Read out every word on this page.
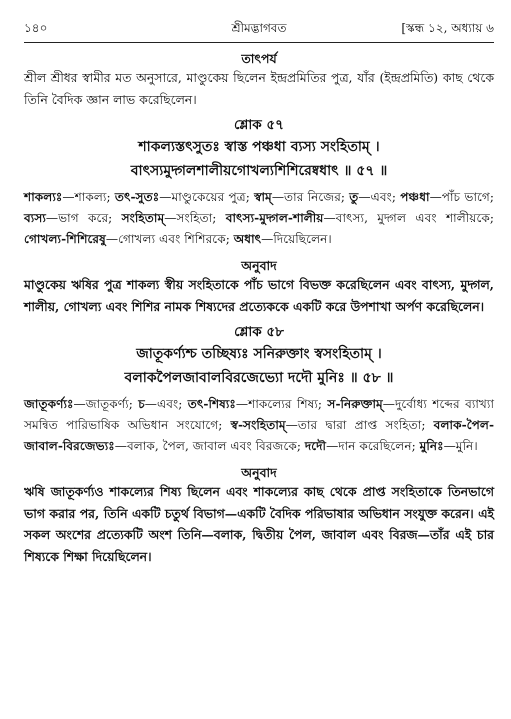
১৪০	শ্রীমদ্ভাগবত	[স্কন্ধ ১২, অধ্যায় ৬
তাৎপর্য
শ্রীল শ্রীধর স্বামীর মত অনুসারে, মাণ্ডুকেয় ছিলেন ইন্দ্রপ্রমিতির পুত্র, যাঁর (ইন্দ্রপ্রমিতি) কাছ থেকে তিনি বৈদিক জ্ঞান লাভ করেছিলেন।
শ্লোক ৫৭
শাকল্যস্তৎসুতঃ স্বাস্ত পঞ্চধা ব্যস্য সংহিতাম্ ।
বাৎস্যমুদ্গলশালীয়গোখল্যশিশিরেষ্বধাৎ ॥ ৫৭ ॥
শাকল্যঃ—শাকল্য; তৎ-সুতঃ—মাণ্ডুকেয়ের পুত্র; স্বাম্—তার নিজের; তু—এবং; পঞ্চধা—পাঁচ ভাগে; ব্যস্য—ভাগ করে; সংহিতাম্—সংহিতা; বাৎস্য-মুদ্গল-শালীয়—বাৎস্য, মুদ্গল এবং শালীয়কে; গোখল্য-শিশিরেষু—গোখল্য এবং শিশিরকে; অধাৎ—দিয়েছিলেন।
অনুবাদ
মাণ্ডুকেয় ঋষির পুত্র শাকল্য স্বীয় সংহিতাকে পাঁচ ভাগে বিভক্ত করেছিলেন এবং বাৎস্য, মুদ্গল, শালীয়, গোখল্য এবং শিশির নামক শিষ্যদের প্রত্যেককে একটি করে উপশাখা অর্পণ করেছিলেন।
শ্লোক ৫৮
জাতূকর্ণ্যশ্চ তচ্ছিষ্যঃ সনিরুক্তাং স্বসংহিতাম্ ।
বলাকপৈলজাবালবিরজেভ্যো দদৌ মুনিঃ ॥ ৫৮ ॥
জাতূকর্ণ্যঃ—জাতূকর্ণ্য; চ—এবং; তৎ-শিষ্যঃ—শাকল্যের শিষ্য; স-নিরুক্তাম্—দুর্বোধ্য শব্দের ব্যাখ্যা সমন্বিত পারিভাষিক অভিধান সংযোগে; স্ব-সংহিতাম্—তার দ্বারা প্রাপ্ত সংহিতা; বলাক-পৈল-জাবাল-বিরজেভ্যঃ—বলাক, পৈল, জাবাল এবং বিরজকে; দদৌ—দান করেছিলেন; মুনিঃ—মুনি।
অনুবাদ
ঋষি জাতূকর্ণ্যও শাকল্যের শিষ্য ছিলেন এবং শাকল্যের কাছ থেকে প্রাপ্ত সংহিতাকে তিনভাগে ভাগ করার পর, তিনি একটি চতুর্থ বিভাগ—একটি বৈদিক পরিভাষার অভিধান সংযুক্ত করেন। এই সকল অংশের প্রত্যেকটি অংশ তিনি—বলাক, দ্বিতীয় পৈল, জাবাল এবং বিরজ—তাঁর এই চার শিষ্যকে শিক্ষা দিয়েছিলেন।
